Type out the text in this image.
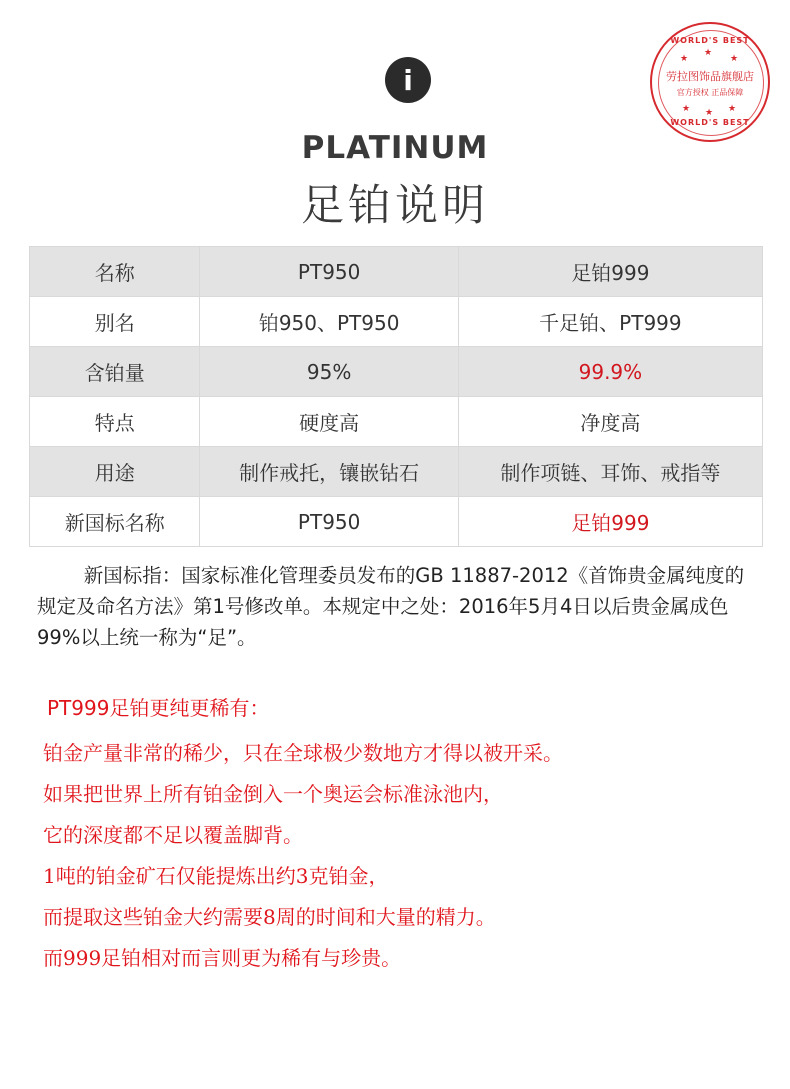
i
PLATINUM
足铂说明
WORLD'S BEST
★
★
★
劳拉图饰品旗舰店
官方授权 正品保障
★ ★ ★
WORLD'S BEST
名称	PT950	足铂999
别名	铂950、PT950	千足铂、PT999
含铂量	95%	99.9%
特点	硬度高	净度高
用途	制作戒托，镶嵌钻石	制作项链、耳饰、戒指等
新国标名称	PT950	足铂999
新国标指：国家标准化管理委员发布的GB 11887-2012《首饰贵金属纯度的规定及命名方法》第1号修改单。本规定中之处：2016年5月4日以后贵金属成色99%以上统一称为“足”。

PT999足铂更纯更稀有：

铂金产量非常的稀少，只在全球极少数地方才得以被开采。

如果把世界上所有铂金倒入一个奥运会标准泳池内，

它的深度都不足以覆盖脚背。

1吨的铂金矿石仅能提炼出约3克铂金，

而提取这些铂金大约需要8周的时间和大量的精力。

而999足铂相对而言则更为稀有与珍贵。
